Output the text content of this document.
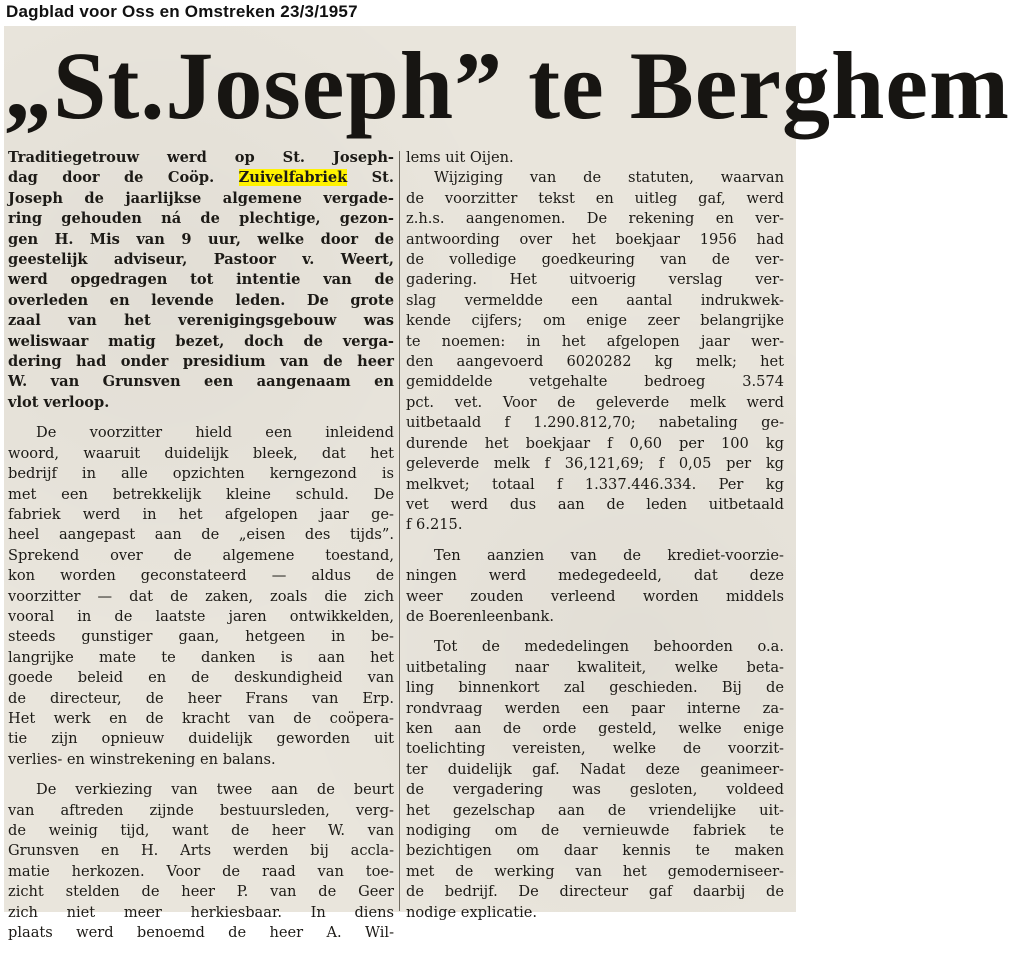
Dagblad voor Oss en Omstreken 23/3/1957
„St.Joseph” te Berghem
Traditiegetrouw werd op St. Joseph-
dag door de Coöp. Zuivelfabriek St.
Joseph de jaarlijkse algemene vergade-
ring gehouden ná de plechtige, gezon-
gen H. Mis van 9 uur, welke door de
geestelijk adviseur, Pastoor v. Weert,
werd opgedragen tot intentie van de
overleden en levende leden. De grote
zaal van het verenigingsgebouw was
weliswaar matig bezet, doch de verga-
dering had onder presidium van de heer
W. van Grunsven een aangenaam en
vlot verloop.
De voorzitter hield een inleidend
woord, waaruit duidelijk bleek, dat het
bedrijf in alle opzichten kerngezond is
met een betrekkelijk kleine schuld. De
fabriek werd in het afgelopen jaar ge-
heel aangepast aan de „eisen des tijds”.
Sprekend over de algemene toestand,
kon worden geconstateerd — aldus de
voorzitter — dat de zaken, zoals die zich
vooral in de laatste jaren ontwikkelden,
steeds gunstiger gaan, hetgeen in be-
langrijke mate te danken is aan het
goede beleid en de deskundigheid van
de directeur, de heer Frans van Erp.
Het werk en de kracht van de coöpera-
tie zijn opnieuw duidelijk geworden uit
verlies- en winstrekening en balans.
De verkiezing van twee aan de beurt
van aftreden zijnde bestuursleden, verg-
de weinig tijd, want de heer W. van
Grunsven en H. Arts werden bij accla-
matie herkozen. Voor de raad van toe-
zicht stelden de heer P. van de Geer
zich niet meer herkiesbaar. In diens
plaats werd benoemd de heer A. Wil-
lems uit Oijen.
Wijziging van de statuten, waarvan
de voorzitter tekst en uitleg gaf, werd
z.h.s. aangenomen. De rekening en ver-
antwoording over het boekjaar 1956 had
de volledige goedkeuring van de ver-
gadering. Het uitvoerig verslag ver-
slag vermeldde een aantal indrukwek-
kende cijfers; om enige zeer belangrijke
te noemen: in het afgelopen jaar wer-
den aangevoerd 6020282 kg melk; het
gemiddelde vetgehalte bedroeg 3.574
pct. vet. Voor de geleverde melk werd
uitbetaald f 1.290.812,70; nabetaling ge-
durende het boekjaar f 0,60 per 100 kg
geleverde melk f 36,121,69; f 0,05 per kg
melkvet; totaal f 1.337.446.334. Per kg
vet werd dus aan de leden uitbetaald
f 6.215.
Ten aanzien van de krediet-voorzie-
ningen werd medegedeeld, dat deze
weer zouden verleend worden middels
de Boerenleenbank.
Tot de mededelingen behoorden o.a.
uitbetaling naar kwaliteit, welke beta-
ling binnenkort zal geschieden. Bij de
rondvraag werden een paar interne za-
ken aan de orde gesteld, welke enige
toelichting vereisten, welke de voorzit-
ter duidelijk gaf. Nadat deze geanimeer-
de vergadering was gesloten, voldeed
het gezelschap aan de vriendelijke uit-
nodiging om de vernieuwde fabriek te
bezichtigen om daar kennis te maken
met de werking van het gemoderniseer-
de bedrijf. De directeur gaf daarbij de
nodige explicatie.
